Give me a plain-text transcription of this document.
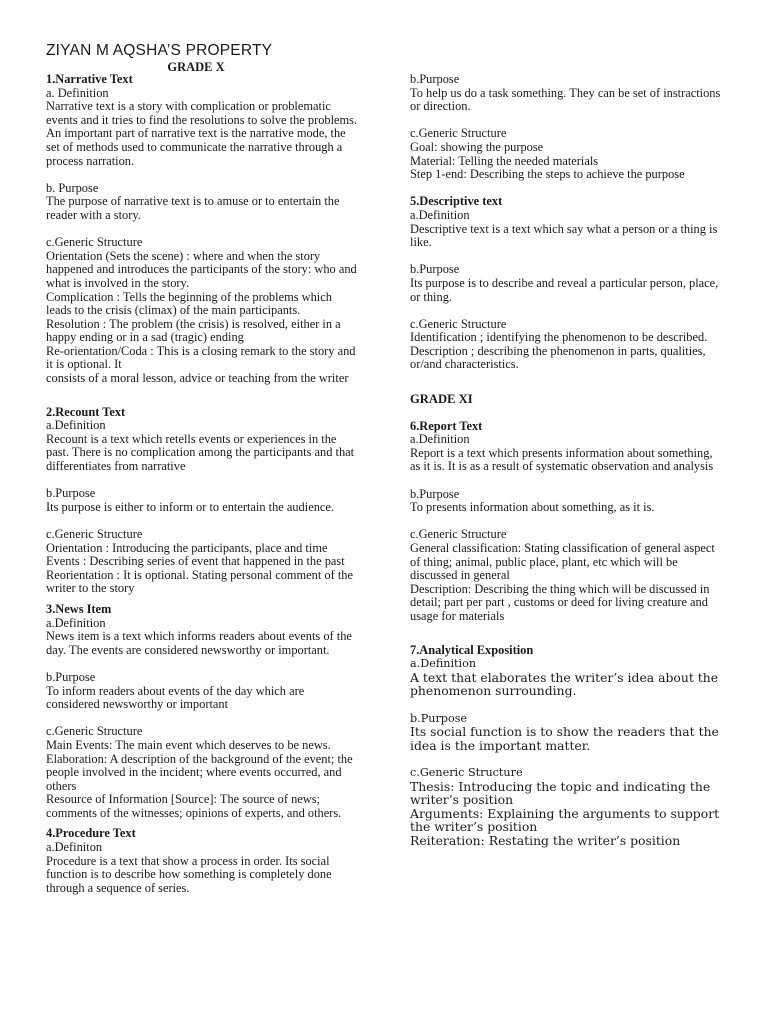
ZIYAN M AQSHA’S PROPERTY
GRADE X
1.Narrative Text
a. Definition

Narrative text is a story with complication or problematic events and it tries to find the resolutions to solve the problems. An important part of narrative text is the narrative mode, the set of methods used to communicate the narrative through a process narration.

b. Purpose

The purpose of narrative text is to amuse or to entertain the reader with a story.

c.Generic Structure

Orientation (Sets the scene) : where and when the story happened and introduces the participants of the story: who and what is involved in the story.

Complication : Tells the beginning of the problems which leads to the crisis (climax) of the main participants.

Resolution : The problem (the crisis) is resolved, either in a happy ending or in a sad (tragic) ending

Re-orientation/Coda : This is a closing remark to the story and it is optional. It

consists of a moral lesson, advice or teaching from the writer

2.Recount Text
a.Definition

Recount is a text which retells events or experiences in the past. There is no complication among the participants and that differentiates from narrative

b.Purpose

Its purpose is either to inform or to entertain the audience.

c.Generic Structure

Orientation : Introducing the participants, place and time

Events : Describing series of event that happened in the past

Reorientation : It is optional. Stating personal comment of the writer to the story

3.News Item
a.Definition

News item is a text which informs readers about events of the day. The events are considered newsworthy or important.

b.Purpose

To inform readers about events of the day which are considered newsworthy or important

c.Generic Structure

Main Events: The main event which deserves to be news.

Elaboration: A description of the background of the event; the people involved in the incident; where events occurred, and others

Resource of Information [Source]: The source of news; comments of the witnesses; opinions of experts, and others.

4.Procedure Text
a.Definiton

Procedure is a text that show a process in order. Its social function is to describe how something is completely done through a sequence of series.

b.Purpose

To help us do a task something. They can be set of instractions or direction.

c.Generic Structure

Goal: showing the purpose

Material: Telling the needed materials

Step 1-end: Describing the steps to achieve the purpose

5.Descriptive text
a.Definition

Descriptive text is a text which say what a person or a thing is like.

b.Purpose

Its purpose is to describe and reveal a particular person, place, or thing.

c.Generic Structure

Identification ; identifying the phenomenon to be described.

Description ; describing the phenomenon in parts, qualities, or/and characteristics.

GRADE XI
6.Report Text
a.Definition

Report is a text which presents information about something, as it is. It is as a result of systematic observation and analysis

b.Purpose

To presents information about something, as it is.

c.Generic Structure

General classification: Stating classification of general aspect of thing; animal, public place, plant, etc which will be discussed in general

Description: Describing the thing which will be discussed in detail; part per part , customs or deed for living creature and usage for materials

7.Analytical Exposition
a.Definition

A text that elaborates the writer’s idea about the phenomenon surrounding.

b.Purpose

Its social function is to show the readers that the idea is the important matter.

c.Generic Structure

Thesis: Introducing the topic and indicating the writer’s position

Arguments: Explaining the arguments to support the writer’s position

Reiteration: Restating the writer’s position
